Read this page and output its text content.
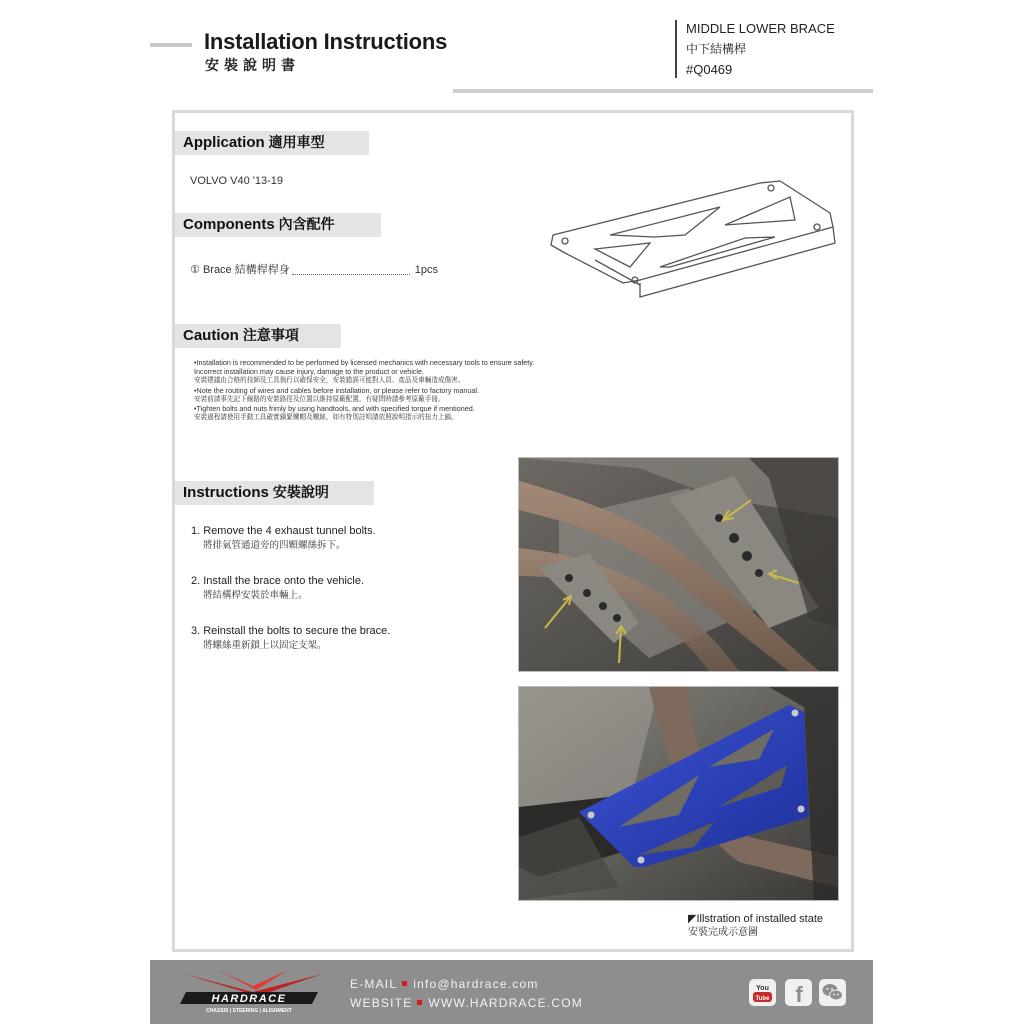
Installation Instructions
安裝說明書
MIDDLE LOWER BRACE
中下結構桿
#Q0469
Application 適用車型
VOLVO V40 '13-19
Components 內含配件
① Brace 結構桿桿身	1pcs
Caution 注意事項
•Installation is recommended to be performed by licensed mechanics with necessary tools to ensure safety. Incorrect installation may cause injury, damage to the product or vehicle.
安裝建議由合格的技師及工具執行以確保安全，安裝錯誤可能對人員、產品及車輛造成傷害。
•Note the routing of wires and cables before installation, or please refer to factory manual.
安裝前請事先記下線路的安裝路徑及位置以維持原廠配置，有疑問時請參考原廠手冊。
•Tighten bolts and nuts frimly by using handtools, and with specified torque if mentioned.
安裝過程請使用手動工具確實鎖緊螺帽及螺絲，如有特別註明請依照說明指示的扭力上鎖。
Instructions 安裝說明
1. Remove the 4 exhaust tunnel bolts.
將排氣管通道旁的四顆螺絲拆下。
2. Install the brace onto the vehicle.
將結構桿安裝於車輛上。
3. Reinstall the bolts to secure the brace.
將螺絲重新鎖上以固定支架。
◤Illstration of installed state
安裝完成示意圖
HARDRACE
CHASSIS | STEERING | ALIGNMENT
E-MAIL info@hardrace.com
WEBSITE WWW.HARDRACE.COM
You
Tube f
